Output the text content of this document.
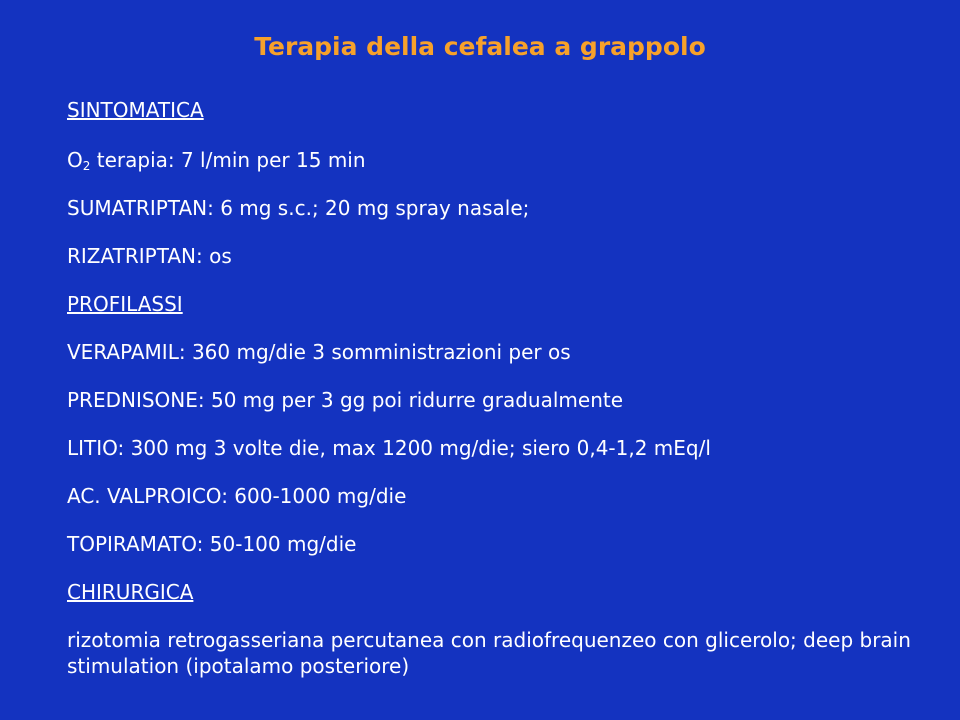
Terapia della cefalea a grappolo
SINTOMATICA
$O_2$ terapia: 7 l/min per 15 min
SUMATRIPTAN: 6 mg s.c.; 20 mg spray nasale;
RIZATRIPTAN: os
PROFILASSI
VERAPAMIL: 360 mg/die 3 somministrazioni per os
PREDNISONE: 50 mg per 3 gg poi ridurre gradualmente
LITIO: 300 mg 3 volte die, max 1200 mg/die; siero 0,4-1,2 mEq/l
AC. VALPROICO: 600-1000 mg/die
TOPIRAMATO: 50-100 mg/die
CHIRURGICA
rizotomia retrogasseriana percutanea con radiofrequenzeo con glicerolo; deep brain stimulation (ipotalamo posteriore)
